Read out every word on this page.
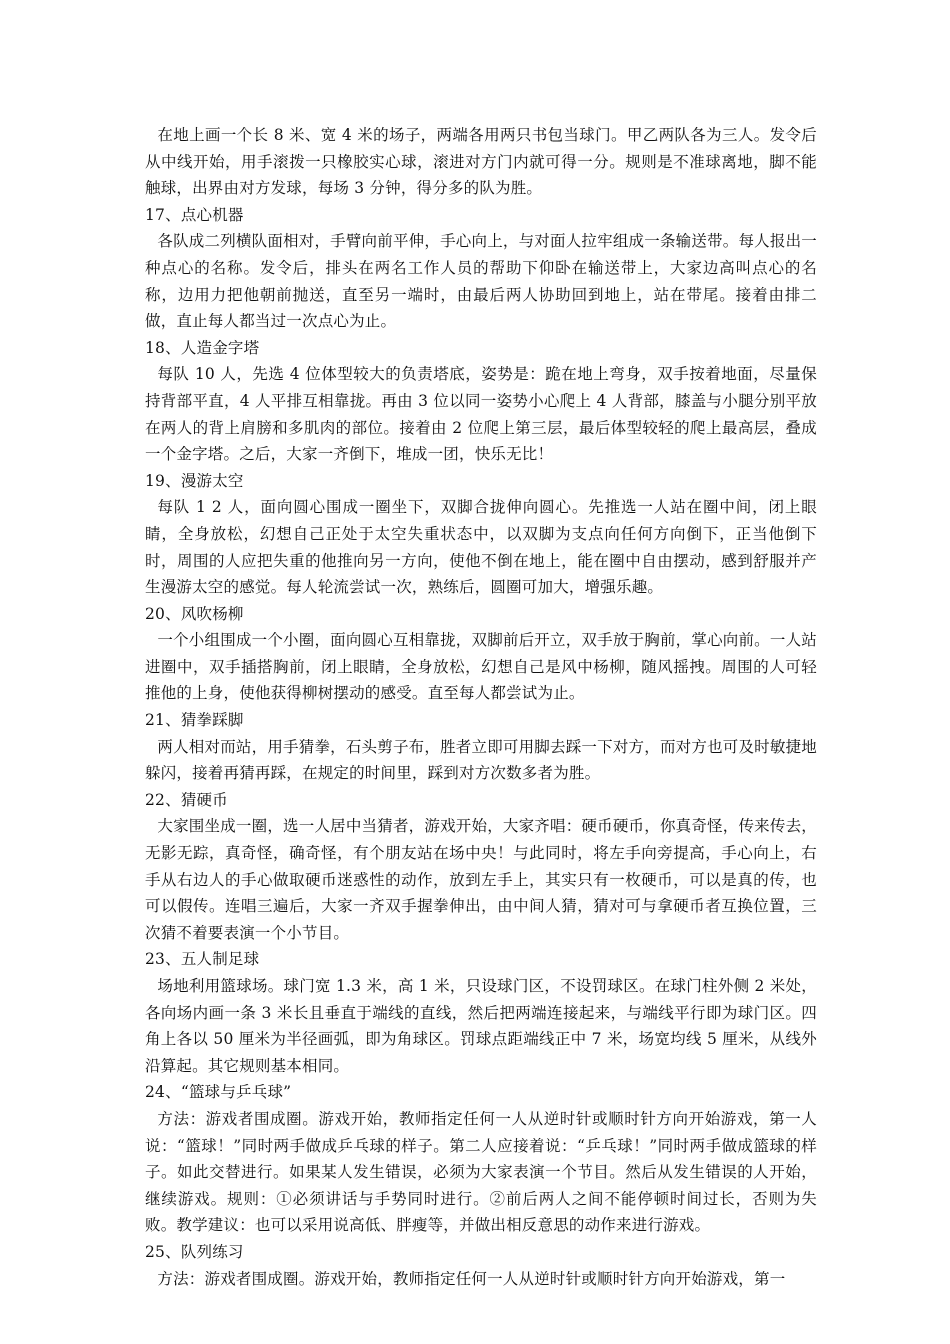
在地上画一个长 8 米、宽 4 米的场子，两端各用两只书包当球门。甲乙两队各为三人。发令后从中线开始，用手滚拨一只橡胶实心球，滚进对方门内就可得一分。规则是不准球离地，脚不能触球，出界由对方发球，每场 3 分钟，得分多的队为胜。

17、点心机器

各队成二列横队面相对，手臂向前平伸，手心向上，与对面人拉牢组成一条输送带。每人报出一种点心的名称。发令后，排头在两名工作人员的帮助下仰卧在输送带上，大家边高叫点心的名称，边用力把他朝前抛送，直至另一端时，由最后两人协助回到地上，站在带尾。接着由排二做，直止每人都当过一次点心为止。

18、人造金字塔

每队 10 人，先选 4 位体型较大的负责塔底，姿势是：跪在地上弯身，双手按着地面，尽量保持背部平直，4 人平排互相靠拢。再由 3 位以同一姿势小心爬上 4 人背部，膝盖与小腿分别平放在两人的背上肩膀和多肌肉的部位。接着由 2 位爬上第三层，最后体型较轻的爬上最高层，叠成一个金字塔。之后，大家一齐倒下，堆成一团，快乐无比！

19、漫游太空

每队 1 2 人，面向圆心围成一圈坐下，双脚合拢伸向圆心。先推选一人站在圈中间，闭上眼睛，全身放松，幻想自己正处于太空失重状态中，以双脚为支点向任何方向倒下，正当他倒下时，周围的人应把失重的他推向另一方向，使他不倒在地上，能在圈中自由摆动，感到舒服并产生漫游太空的感觉。每人轮流尝试一次，熟练后，圆圈可加大，增强乐趣。

20、风吹杨柳

一个小组围成一个小圈，面向圆心互相靠拢，双脚前后开立，双手放于胸前，掌心向前。一人站进圈中，双手插搭胸前，闭上眼睛，全身放松，幻想自己是风中杨柳，随风摇拽。周围的人可轻推他的上身，使他获得柳树摆动的感受。直至每人都尝试为止。

21、猜拳踩脚

两人相对而站，用手猜拳，石头剪子布，胜者立即可用脚去踩一下对方，而对方也可及时敏捷地躲闪，接着再猜再踩，在规定的时间里，踩到对方次数多者为胜。

22、猜硬币

大家围坐成一圈，选一人居中当猜者，游戏开始，大家齐唱：硬币硬币，你真奇怪，传来传去，无影无踪，真奇怪，确奇怪，有个朋友站在场中央！与此同时，将左手向旁提高，手心向上，右手从右边人的手心做取硬币迷惑性的动作，放到左手上，其实只有一枚硬币，可以是真的传，也可以假传。连唱三遍后，大家一齐双手握拳伸出，由中间人猜，猜对可与拿硬币者互换位置，三次猜不着要表演一个小节目。

23、五人制足球

场地利用篮球场。球门宽 1.3 米，高 1 米，只设球门区，不设罚球区。在球门柱外侧 2 米处，各向场内画一条 3 米长且垂直于端线的直线，然后把两端连接起来，与端线平行即为球门区。四角上各以 50 厘米为半径画弧，即为角球区。罚球点距端线正中 7 米，场宽均线 5 厘米，从线外沿算起。其它规则基本相同。

24、“篮球与乒乓球”

方法：游戏者围成圈。游戏开始，教师指定任何一人从逆时针或顺时针方向开始游戏，第一人说：“篮球！”同时两手做成乒乓球的样子。第二人应接着说：“乒乓球！”同时两手做成篮球的样子。如此交替进行。如果某人发生错误，必须为大家表演一个节目。然后从发生错误的人开始，继续游戏。规则：①必须讲话与手势同时进行。②前后两人之间不能停顿时间过长，否则为失败。教学建议：也可以采用说高低、胖瘦等，并做出相反意思的动作来进行游戏。

25、队列练习

方法：游戏者围成圈。游戏开始，教师指定任何一人从逆时针或顺时针方向开始游戏，第一
